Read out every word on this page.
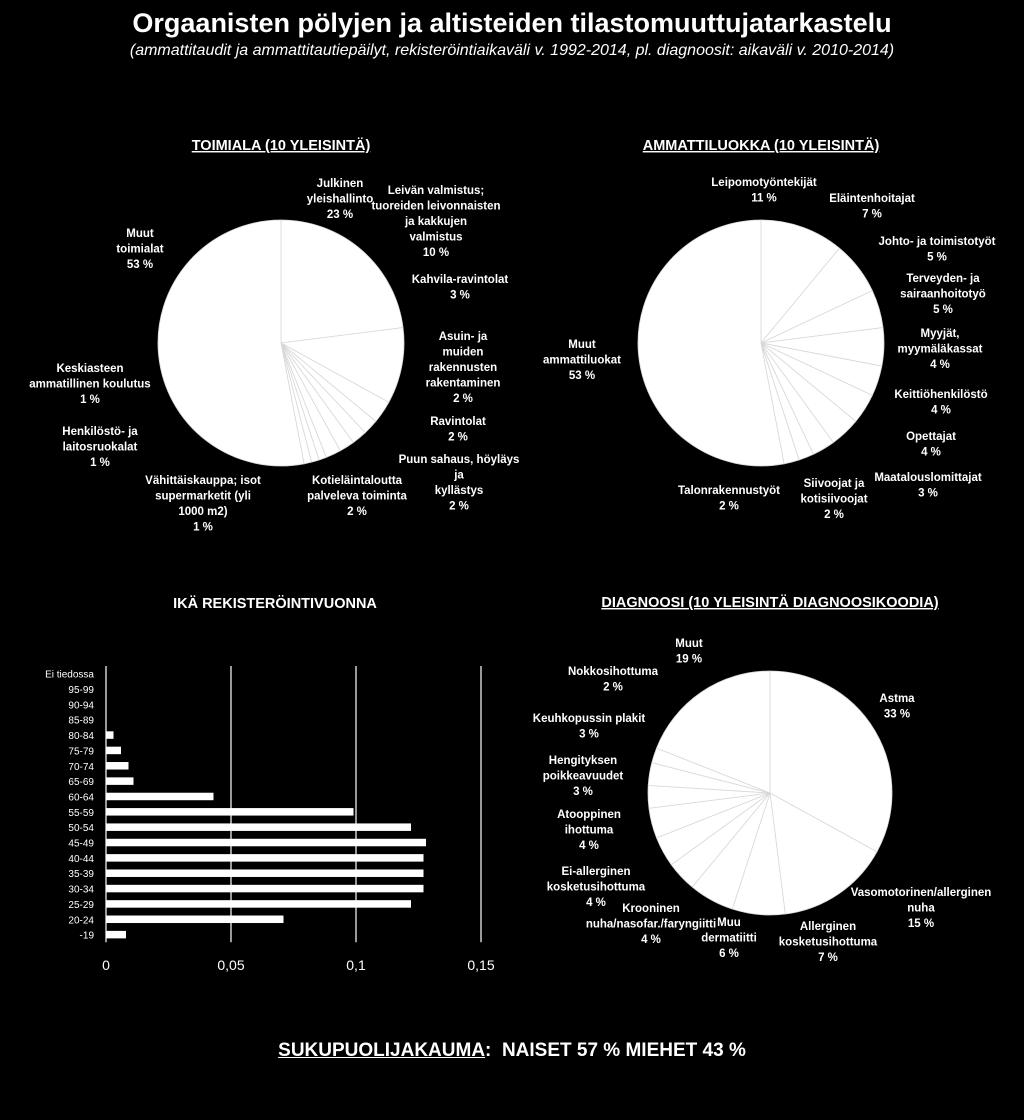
Orgaanisten pölyjen ja altisteiden tilastomuuttujatarkastelu
(ammattitaudit ja ammattitautiepäilyt, rekisteröintiaikaväli v. 1992-2014, pl. diagnoosit: aikaväli v. 2010-2014)
TOIMIALA (10 YLEISINTÄ)
Julkinen yleishallinto 23 %
Leivän valmistus; tuoreiden leivonnaisten ja kakkujen valmistus 10 %
Kahvila-ravintolat 3 %
Asuin- ja muiden rakennusten rakentaminen 2 %
Ravintolat 2 %
Puun sahaus, höyläys ja kyllästys 2 %
Kotieläintaloutta palveleva toiminta 2 %
Vähittäiskauppa; isot supermarketit (yli 1000 m2) 1 %
Henkilöstö- ja laitosruokalat 1 %
Keskiasteen ammatillinen koulutus 1 %
Muut toimialat 53 %
AMMATTILUOKKA (10 YLEISINTÄ)
Leipomotyöntekijät 11 %	Eläintenhoitajat 7 %
Johto- ja toimistotyöt 5 %
Terveyden- ja sairaanhoitotyö 5 %
Myyjät, myymäläkassat 4 %
Keittiöhenkilöstö 4 %
Opettajat 4 %
Maatalouslomittajat 3 %
Siivoojat ja kotisiivoojat 2 %
Talonrakennustyöt 2 %
Muut ammattiluokat 53 %
DIAGNOOSI (10 YLEISINTÄ DIAGNOOSIKOODIA)
Astma 33 %
Vasomotorinen/allerginen nuha 15 %
Allerginen kosketusihottuma 7 %
Muu dermatiitti 6 %
Krooninen nuha/nasofar./faryngiitti 4 %
Ei-allerginen kosketusihottuma 4 %
Atooppinen ihottuma 4 %
Hengityksen poikkeavuudet 3 %
Keuhkopussin plakit 3 %
Nokkosihottuma 2 %
Muut 19 %
IKÄ REKISTERÖINTIVUONNA
Ei tiedossa
95-99
90-94
85-89
80-84
75-79
70-74
65-69
60-64
55-59
50-54
45-49
40-44
35-39
30-34
25-29
20-24
-19
0	0,05	0,1	0,15
SUKUPUOLIJAKAUMA: NAISET 57 % MIEHET 43 %
